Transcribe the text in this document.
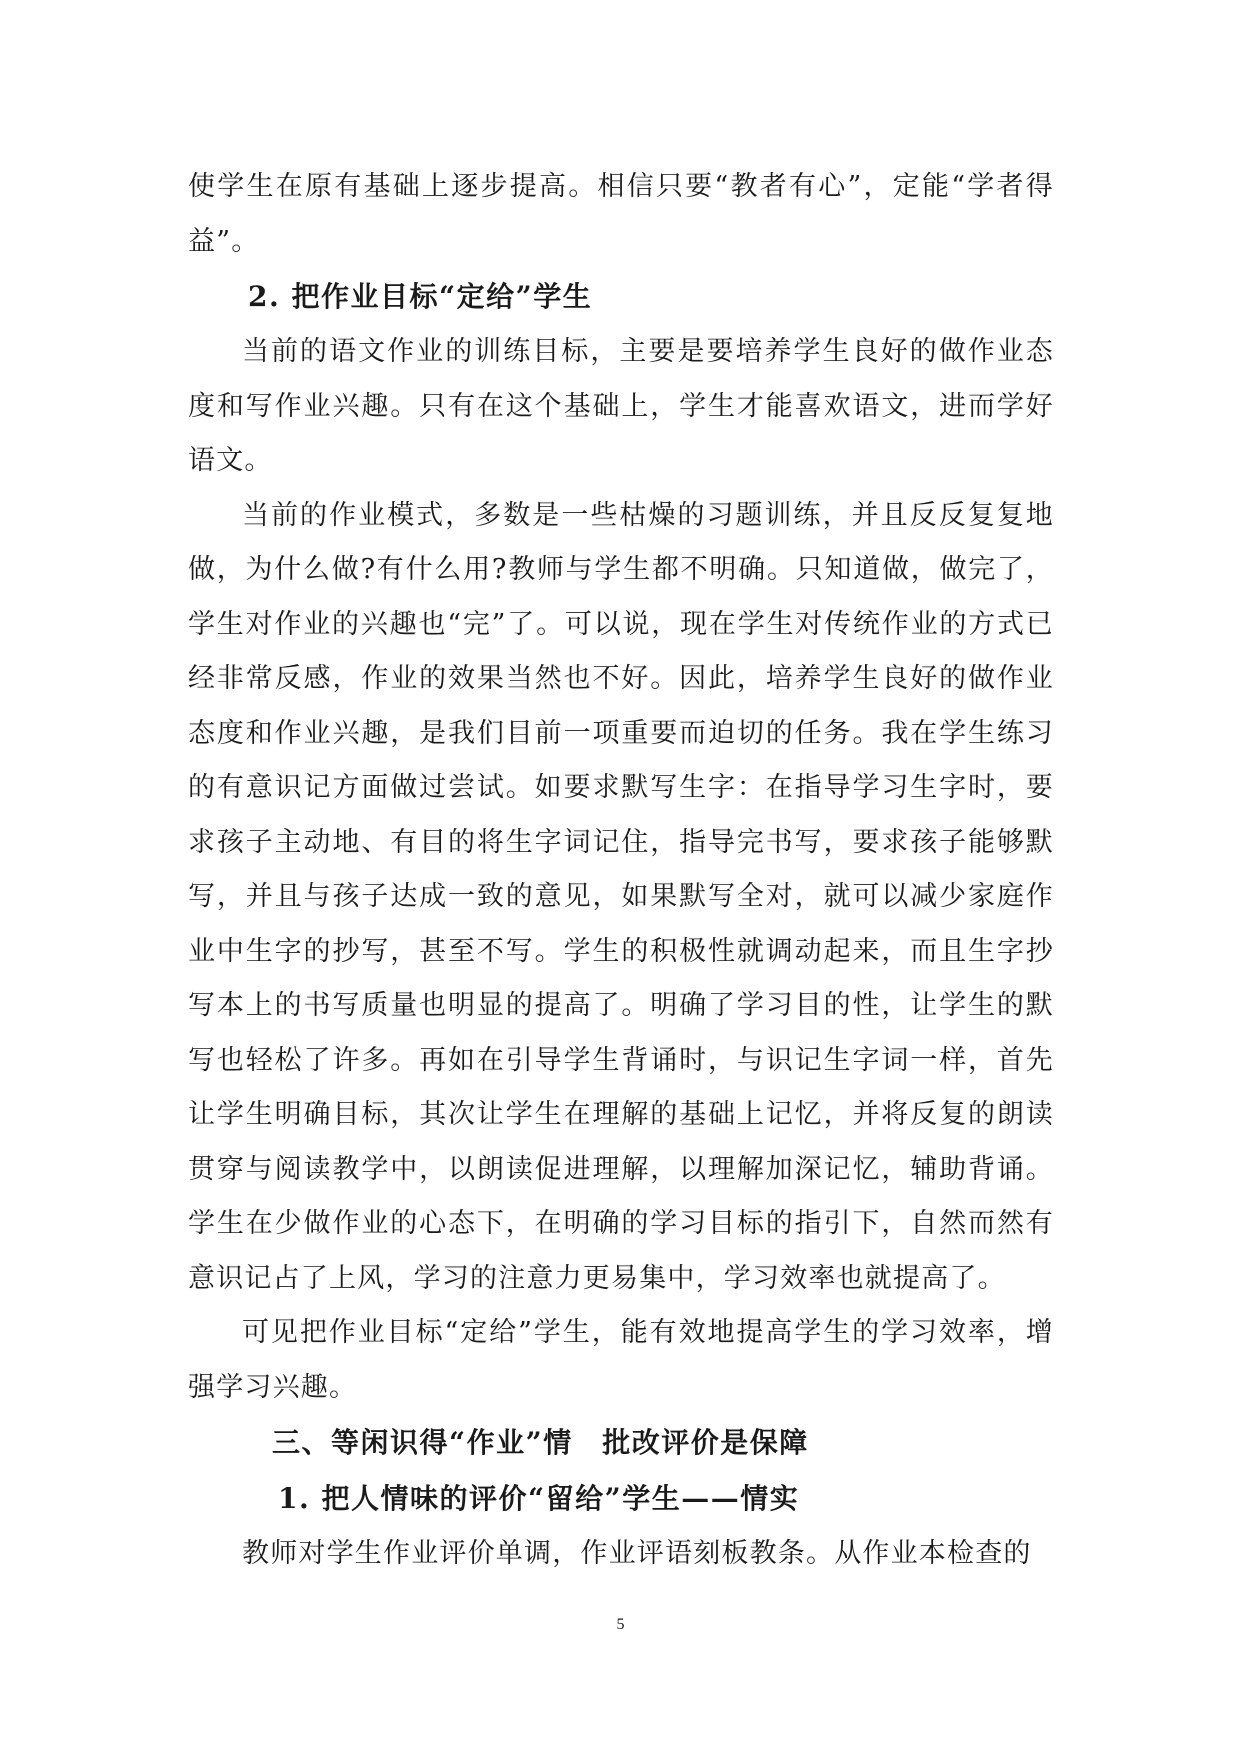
使学生在原有基础上逐步提高。相信只要“教者有心”，定能“学者得益”。

2. 把作业目标“定给”学生

当前的语文作业的训练目标，主要是要培养学生良好的做作业态度和写作业兴趣。只有在这个基础上，学生才能喜欢语文，进而学好语文。

当前的作业模式，多数是一些枯燥的习题训练，并且反反复复地做，为什么做?有什么用?教师与学生都不明确。只知道做，做完了，学生对作业的兴趣也“完”了。可以说，现在学生对传统作业的方式已经非常反感，作业的效果当然也不好。因此，培养学生良好的做作业态度和作业兴趣，是我们目前一项重要而迫切的任务。我在学生练习的有意识记方面做过尝试。如要求默写生字：在指导学习生字时，要求孩子主动地、有目的将生字词记住，指导完书写，要求孩子能够默写，并且与孩子达成一致的意见，如果默写全对，就可以减少家庭作业中生字的抄写，甚至不写。学生的积极性就调动起来，而且生字抄写本上的书写质量也明显的提高了。明确了学习目的性，让学生的默写也轻松了许多。再如在引导学生背诵时，与识记生字词一样，首先让学生明确目标，其次让学生在理解的基础上记忆，并将反复的朗读贯穿与阅读教学中，以朗读促进理解，以理解加深记忆，辅助背诵。学生在少做作业的心态下，在明确的学习目标的指引下，自然而然有意识记占了上风，学习的注意力更易集中，学习效率也就提高了。

可见把作业目标“定给”学生，能有效地提高学生的学习效率，增强学习兴趣。

三、等闲识得“作业”情　批改评价是保障
1. 把人情味的评价“留给”学生——情实

教师对学生作业评价单调，作业评语刻板教条。从作业本检查的

5
